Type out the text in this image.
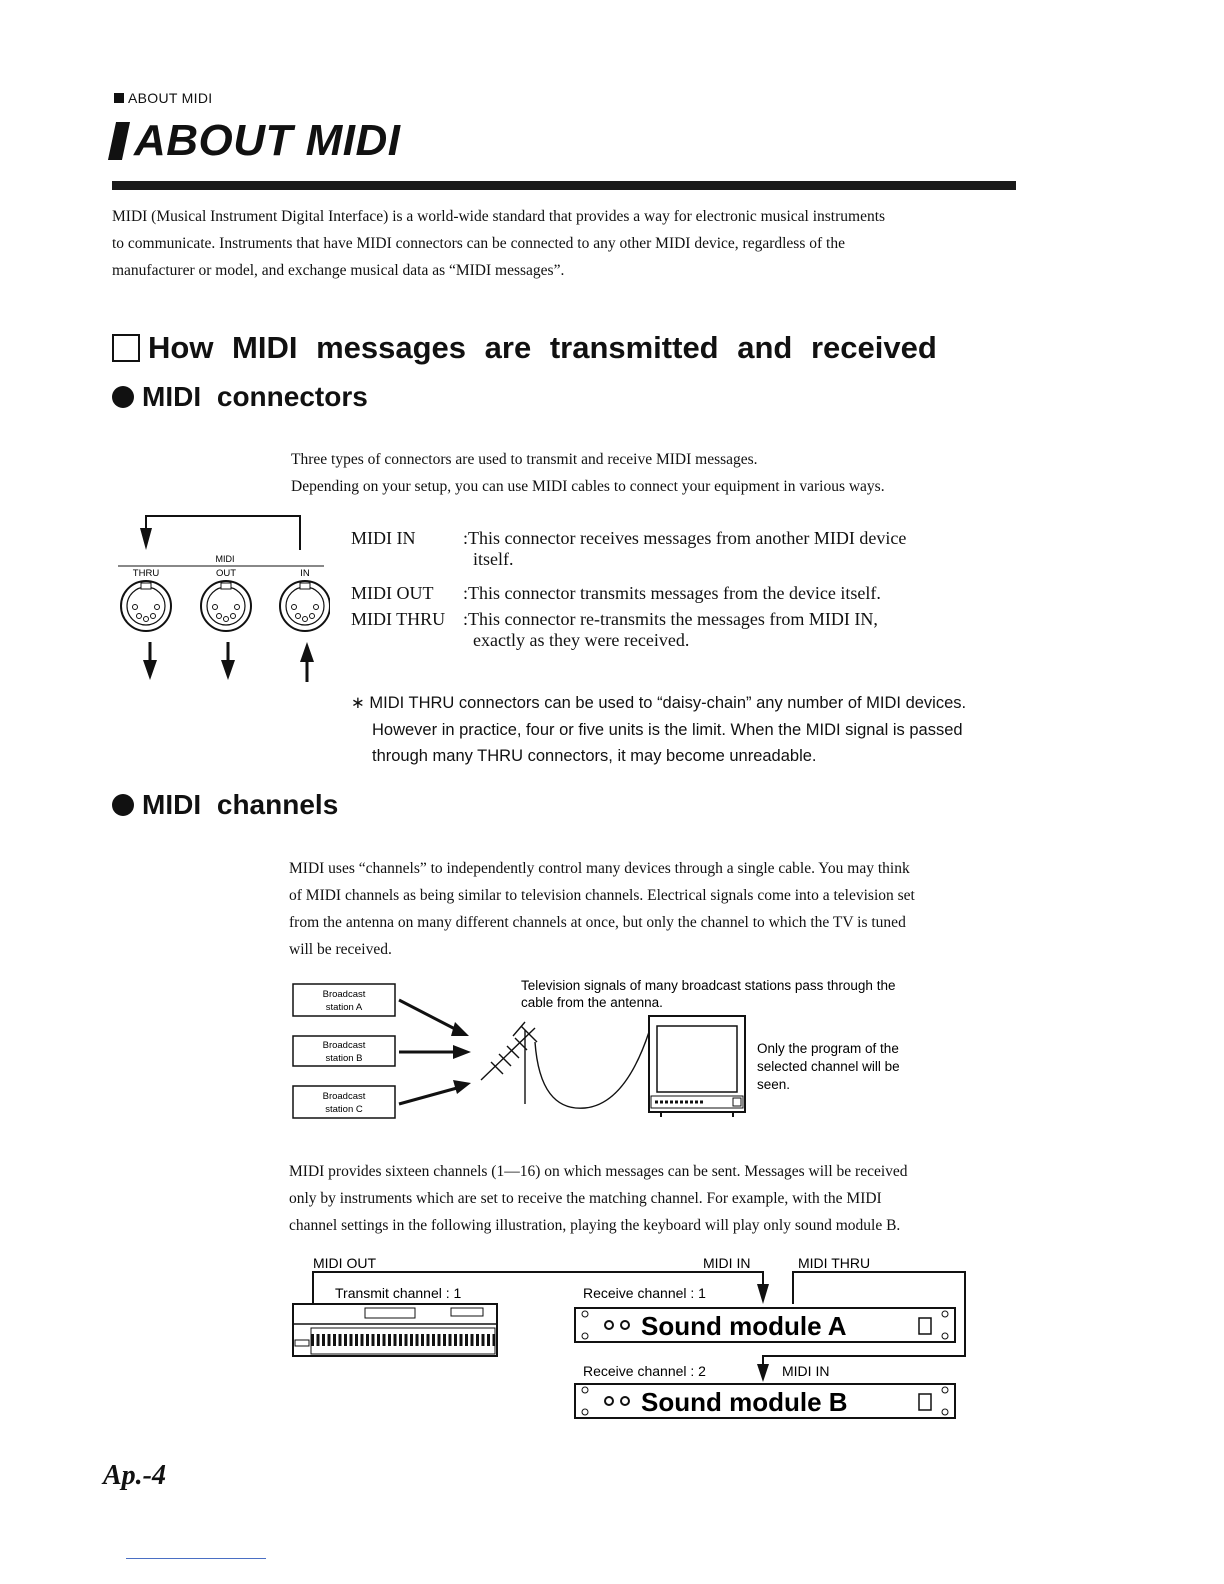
ABOUT MIDI
ABOUT MIDI
MIDI (Musical Instrument Digital Interface) is a world-wide standard that provides a way for electronic musical instruments
to communicate. Instruments that have MIDI connectors can be connected to any other MIDI device, regardless of the
manufacturer or model, and exchange musical data as “MIDI messages”.
How MIDI messages are transmitted and received
MIDI connectors
Three types of connectors are used to transmit and receive MIDI messages.
Depending on your setup, you can use MIDI cables to connect your equipment in various ways.
MIDI
THRU	OUT	IN
MIDI IN	:This connector receives messages from another MIDI device
itself.
MIDI OUT	:This connector transmits messages from the device itself.
MIDI THRU :This connector re-transmits the messages from MIDI IN,
exactly as they were received.
∗ MIDI THRU connectors can be used to “daisy-chain” any number of MIDI devices.
However in practice, four or five units is the limit. When the MIDI signal is passed
through many THRU connectors, it may become unreadable.
MIDI channels
MIDI uses “channels” to independently control many devices through a single cable. You may think
of MIDI channels as being similar to television channels. Electrical signals come into a television set
from the antenna on many different channels at once, but only the channel to which the TV is tuned
will be received.
Broadcast
station A
Broadcast
station B
Broadcast
station C
Television signals of many broadcast stations pass through the
cable from the antenna.
Only the program of the
selected channel will be
seen.
MIDI provides sixteen channels (1—16) on which messages can be sent. Messages will be received
only by instruments which are set to receive the matching channel. For example, with the MIDI
channel settings in the following illustration, playing the keyboard will play only sound module B.
MIDI OUT	MIDI IN	MIDI THRU
Transmit channel : 1	Receive channel : 1
Receive channel : 2	MIDI IN
Sound module A
Sound module B
Ap.-4
